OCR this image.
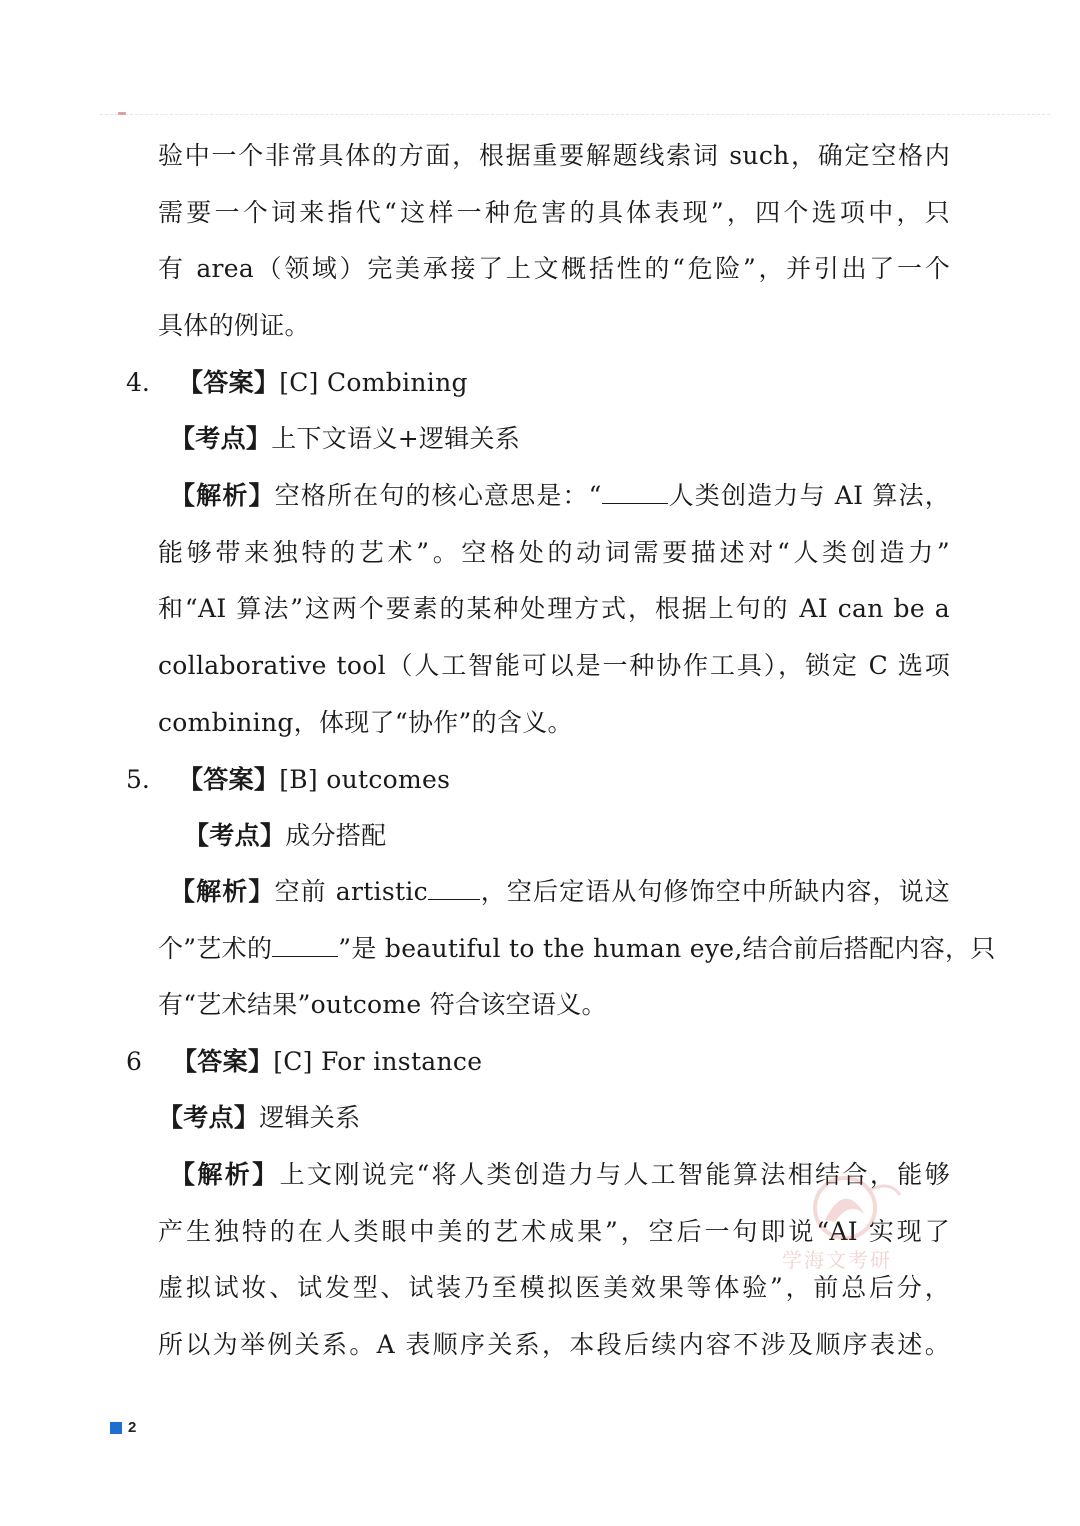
验中一个非常具体的方面，根据重要解题线索词 such，确定空格内
需要一个词来指代“这样一种危害的具体表现”，四个选项中，只
有 area（领域）完美承接了上文概括性的“危险”，并引出了一个
具体的例证。
4. 【答案】[C] Combining
【考点】上下文语义+逻辑关系
【解析】空格所在句的核心意思是：“	人类创造力与 AI 算法，
能够带来独特的艺术”。空格处的动词需要描述对“人类创造力”
和“AI 算法”这两个要素的某种处理方式，根据上句的 AI can be a
collaborative tool（人工智能可以是一种协作工具），锁定 C 选项
combining，体现了“协作”的含义。
5. 【答案】[B] outcomes
【考点】成分搭配
【解析】空前 artistic ，空后定语从句修饰空中所缺内容，说这
个”艺术的	”是 beautiful to the human eye,结合前后搭配内容，只
有“艺术结果”outcome 符合该空语义。
6 【答案】[C] For instance
【考点】逻辑关系
【解析】上文刚说完“将人类创造力与人工智能算法相结合，能够
产生独特的在人类眼中美的艺术成果”，空后一句即说“AI 实现了
虚拟试妆、试发型、试装乃至模拟医美效果等体验”，前总后分，
所以为举例关系。A 表顺序关系，本段后续内容不涉及顺序表述。
学海文考研
2
